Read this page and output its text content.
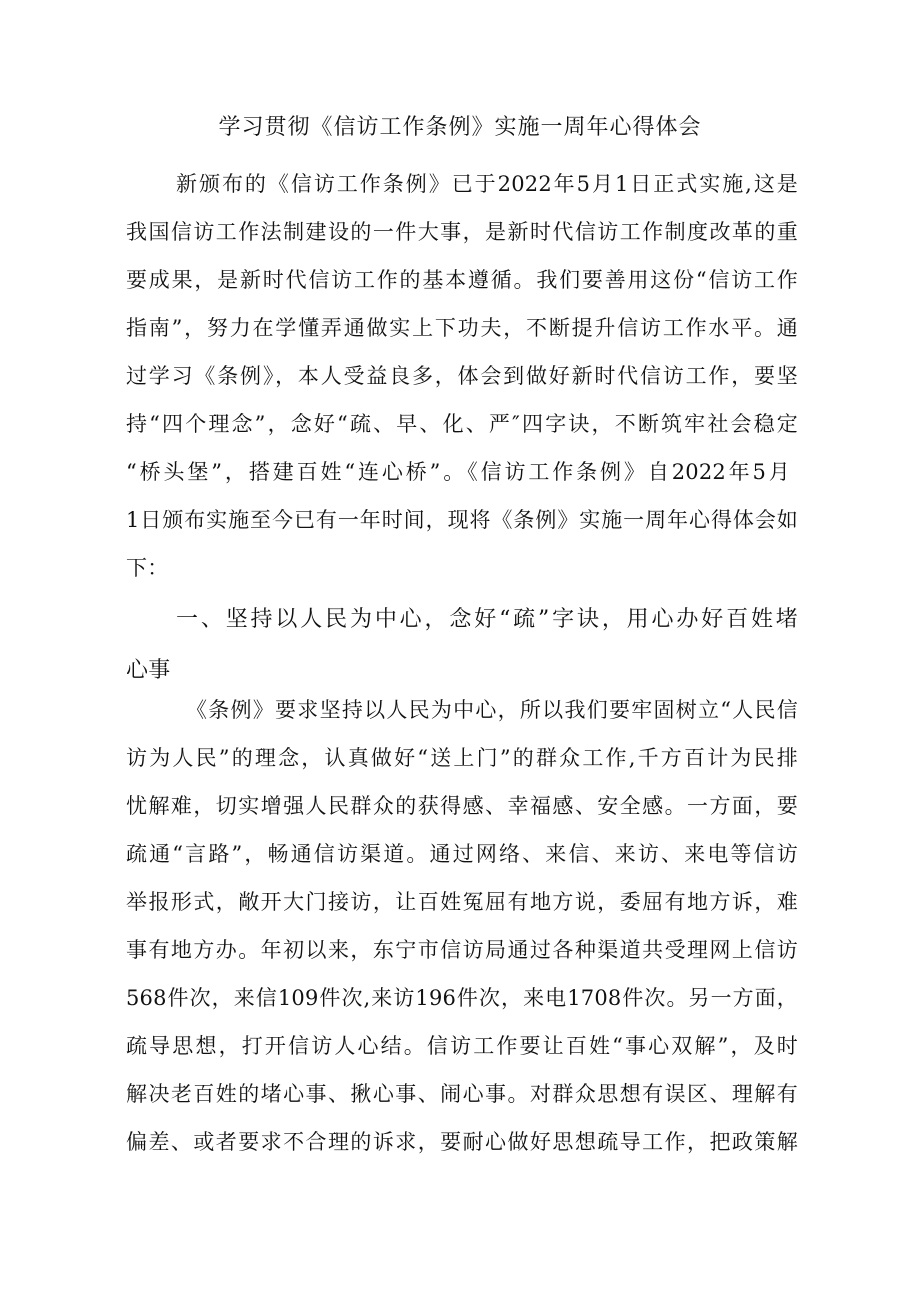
学习贯彻《信访工作条例》实施一周年心得体会
新颁布的《信访工作条例》已于2022年5月1日正式实施,这是
我国信访工作法制建设的一件大事，是新时代信访工作制度改革的重
要成果，是新时代信访工作的基本遵循。我们要善用这份“信访工作
指南”，努力在学懂弄通做实上下功夫，不断提升信访工作水平。通
过学习《条例》，本人受益良多，体会到做好新时代信访工作，要坚
持“四个理念”，念好“疏、早、化、严″四字诀，不断筑牢社会稳定
“桥头堡”，搭建百姓“连心桥”。《信访工作条例》自2022年5月
1日颁布实施至今已有一年时间，现将《条例》实施一周年心得体会如
下：
一、坚持以人民为中心，念好“疏”字诀，用心办好百姓堵
心事
《条例》要求坚持以人民为中心，所以我们要牢固树立“人民信
访为人民”的理念，认真做好“送上门”的群众工作,千方百计为民排
忧解难，切实增强人民群众的获得感、幸福感、安全感。一方面，要
疏通“言路”，畅通信访渠道。通过网络、来信、来访、来电等信访
举报形式，敞开大门接访，让百姓冤屈有地方说，委屈有地方诉，难
事有地方办。年初以来，东宁市信访局通过各种渠道共受理网上信访
568件次，来信109件次,来访196件次，来电1708件次。另一方面，
疏导思想，打开信访人心结。信访工作要让百姓“事心双解”，及时
解决老百姓的堵心事、揪心事、闹心事。对群众思想有误区、理解有
偏差、或者要求不合理的诉求，要耐心做好思想疏导工作，把政策解
